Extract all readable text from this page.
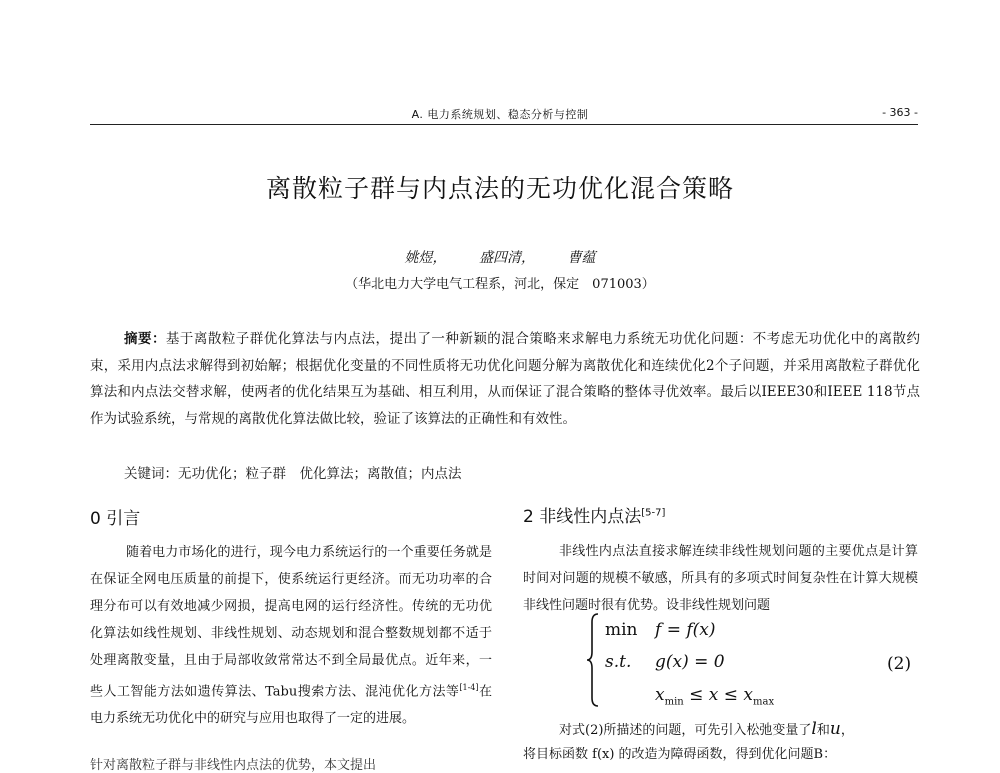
A. 电力系统规划、稳态分析与控制	- 363 -
离散粒子群与内点法的无功优化混合策略
姚煜， 盛四清， 曹蕴
（华北电力大学电气工程系，河北，保定　071003）
摘要：基于离散粒子群优化算法与内点法，提出了一种新颖的混合策略来求解电力系统无功优化问题：不考虑无功优化中的离散约束，采用内点法求解得到初始解；根据优化变量的不同性质将无功优化问题分解为离散优化和连续优化2个子问题，并采用离散粒子群优化算法和内点法交替求解，使两者的优化结果互为基础、相互利用，从而保证了混合策略的整体寻优效率。最后以IEEE30和IEEE 118节点作为试验系统，与常规的离散优化算法做比较，验证了该算法的正确性和有效性。
关键词：无功优化；粒子群　优化算法；离散值；内点法
0 引言	2 非线性内点法[5-7]
随着电力市场化的进行，现今电力系统运行的一个重要任务就是在保证全网电压质量的前提下，使系统运行更经济。而无功功率的合理分布可以有效地减少网损，提高电网的运行经济性。传统的无功优化算法如线性规划、非线性规划、动态规划和混合整数规划都不适于处理离散变量，且由于局部收敛常常达不到全局最优点。近年来，一些人工智能方法如遗传算法、Tabu搜索方法、混沌优化方法等[1-4]在电力系统无功优化中的研究与应用也取得了一定的进展。
针对离散粒子群与非线性内点法的优势，本文提出
非线性内点法直接求解连续非线性规划问题的主要优点是计算时间对问题的规模不敏感，所具有的多项式时间复杂性在计算大规模非线性问题时很有优势。设非线性规划问题
min f = f(x)
s.t. g(x) = 0
$x_{min} \le x \le x_{max}$
(2)
对式(2)所描述的问题，可先引入松弛变量了l和u，
将目标函数 f(x) 的改造为障碍函数，得到优化问题B：
